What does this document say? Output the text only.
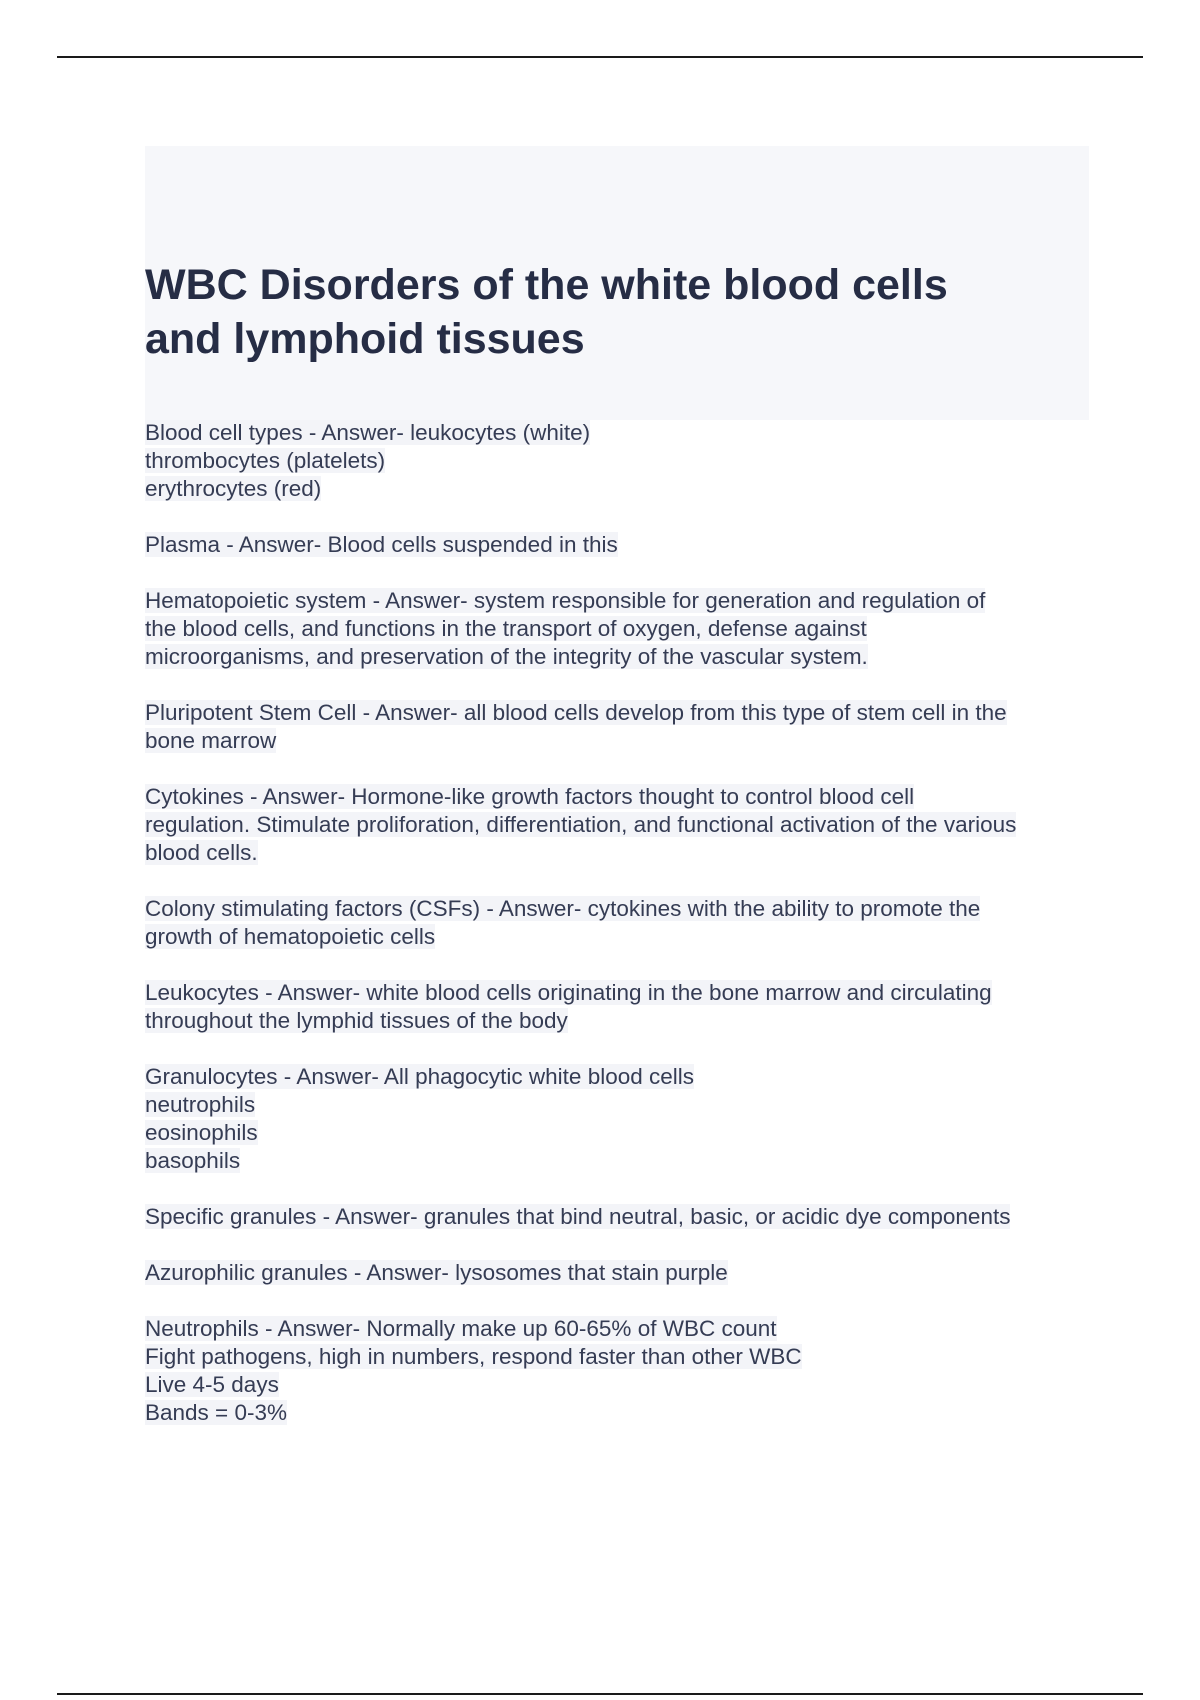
WBC Disorders of the white blood cells
and lymphoid tissues
Blood cell types - Answer- leukocytes (white)
thrombocytes (platelets)
erythrocytes (red)
Plasma - Answer- Blood cells suspended in this
Hematopoietic system - Answer- system responsible for generation and regulation of
the blood cells, and functions in the transport of oxygen, defense against
microorganisms, and preservation of the integrity of the vascular system.
Pluripotent Stem Cell - Answer- all blood cells develop from this type of stem cell in the
bone marrow
Cytokines - Answer- Hormone-like growth factors thought to control blood cell
regulation. Stimulate proliforation, differentiation, and functional activation of the various
blood cells.
Colony stimulating factors (CSFs) - Answer- cytokines with the ability to promote the
growth of hematopoietic cells
Leukocytes - Answer- white blood cells originating in the bone marrow and circulating
throughout the lymphid tissues of the body
Granulocytes - Answer- All phagocytic white blood cells
neutrophils
eosinophils
basophils
Specific granules - Answer- granules that bind neutral, basic, or acidic dye components
Azurophilic granules - Answer- lysosomes that stain purple
Neutrophils - Answer- Normally make up 60-65% of WBC count
Fight pathogens, high in numbers, respond faster than other WBC
Live 4-5 days
Bands = 0-3%
